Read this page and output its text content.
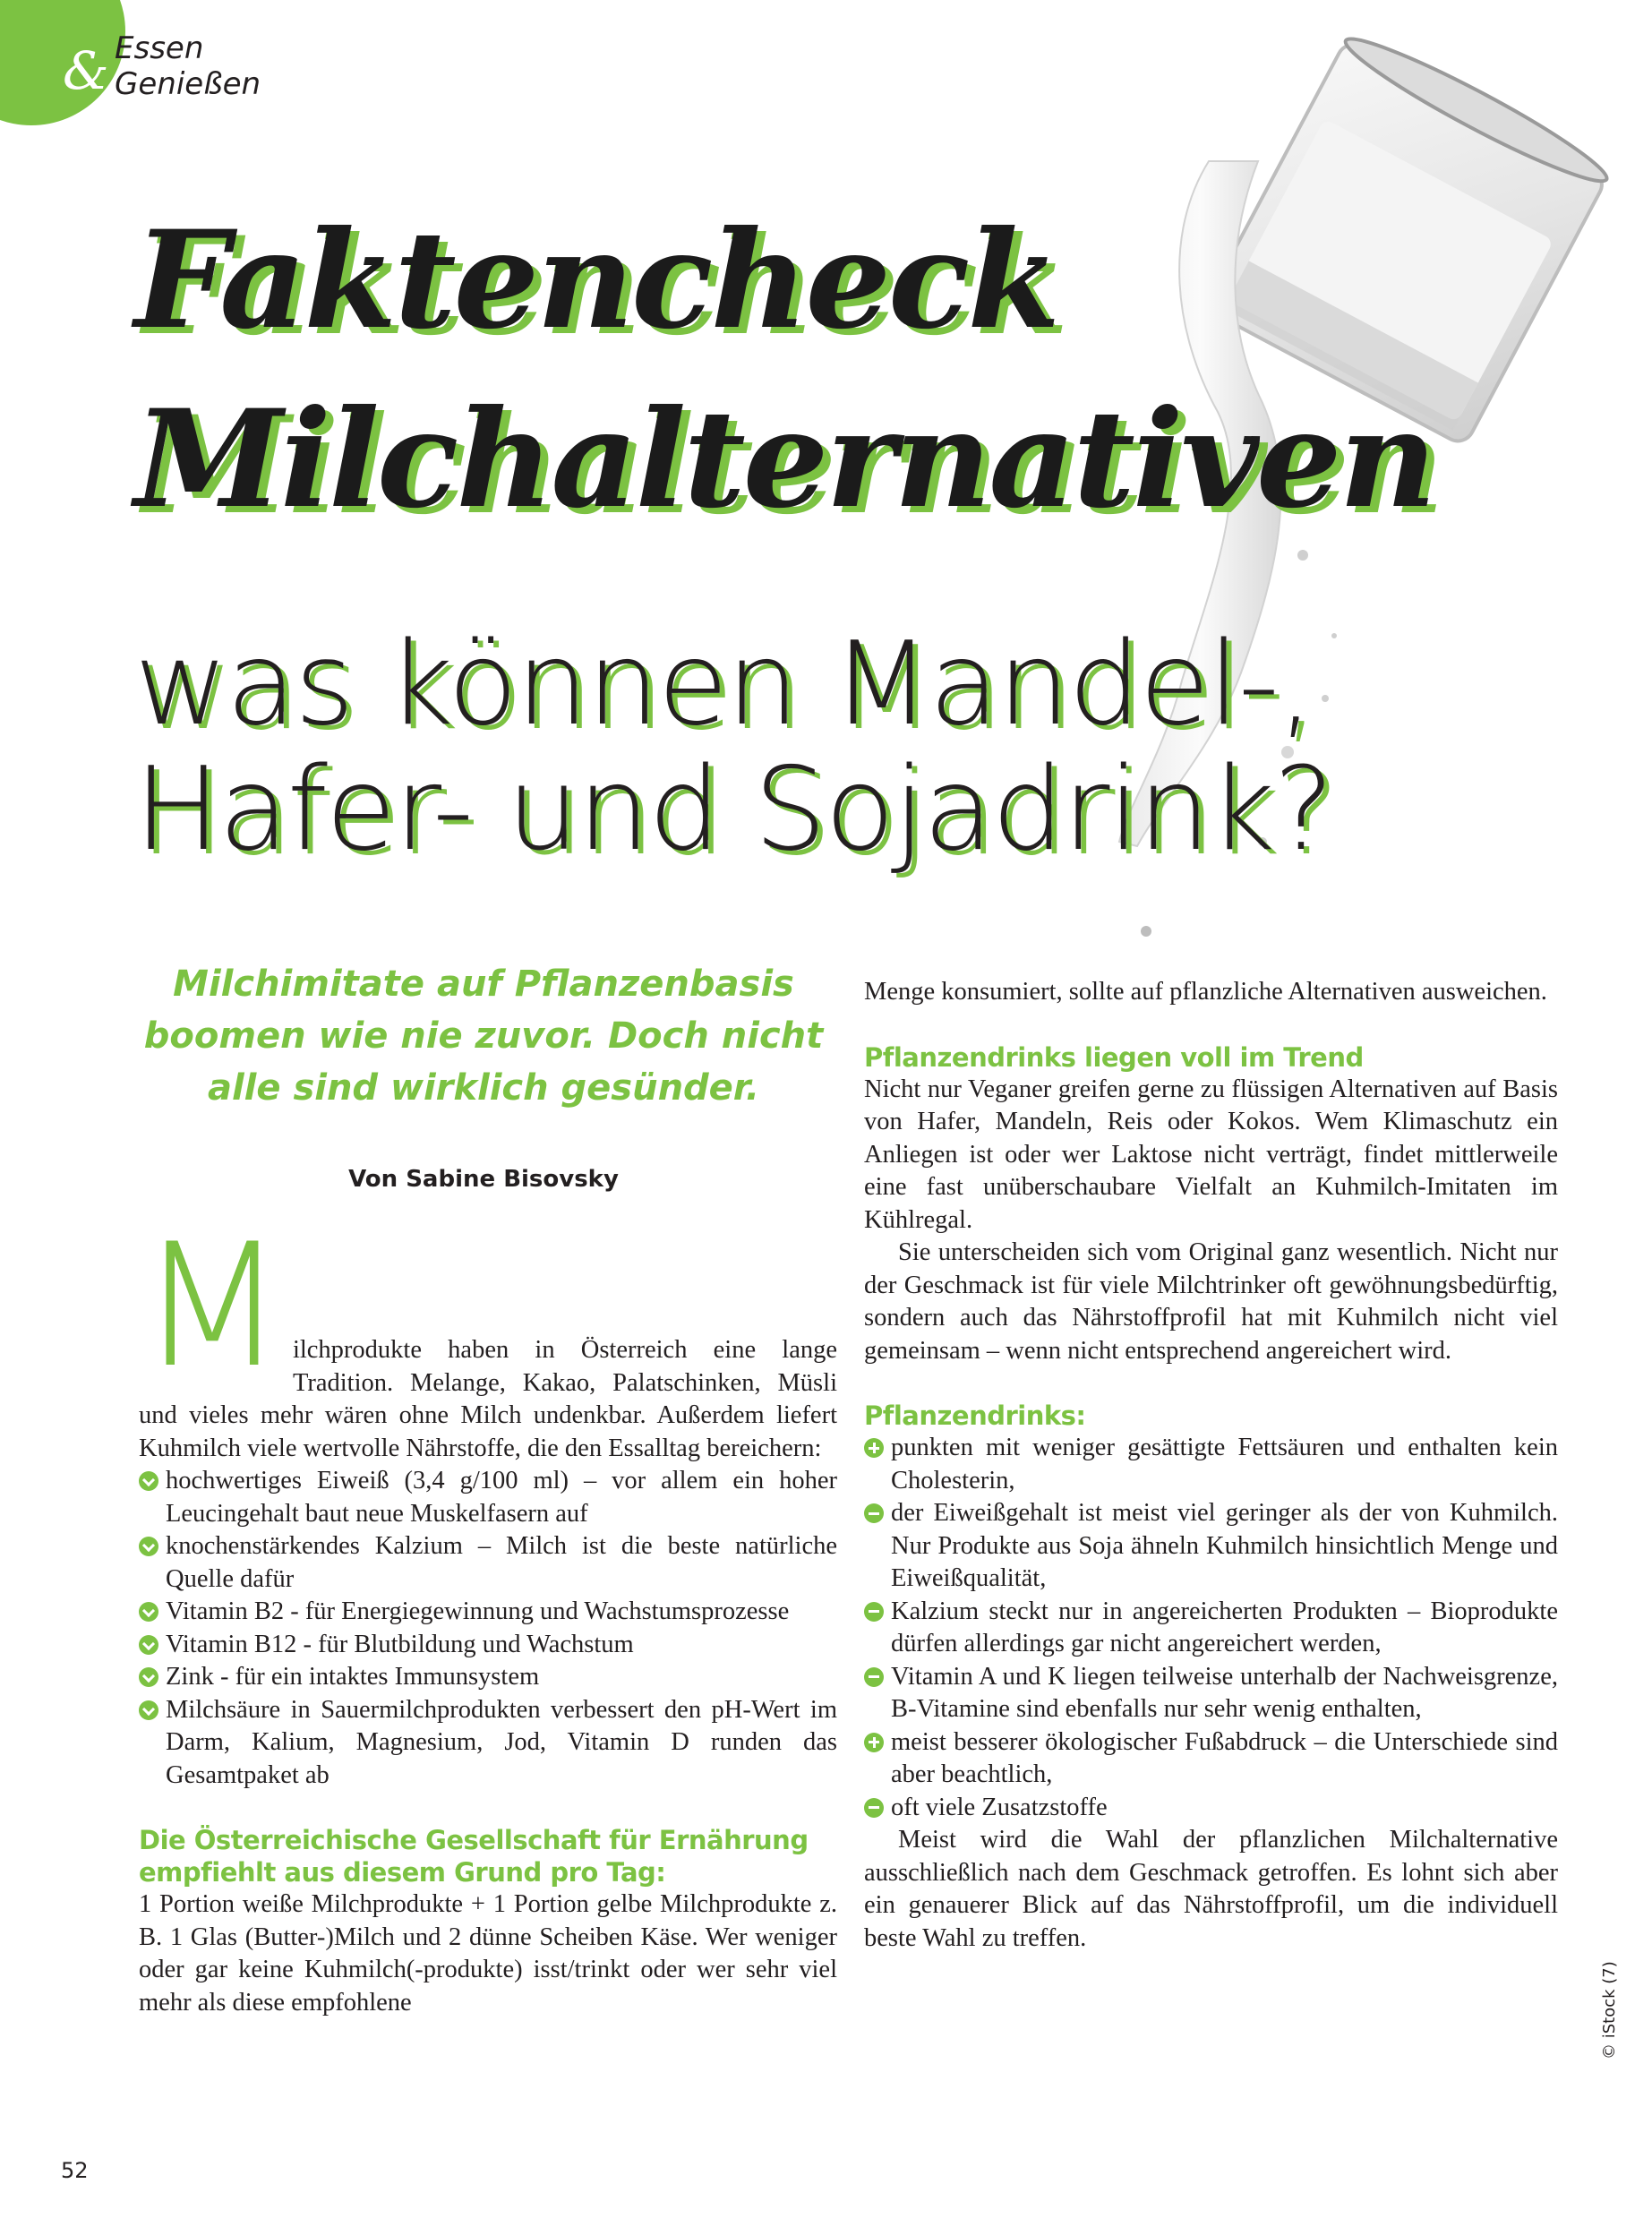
& Essen
Genießen
Faktencheck
Milchalternativen
was können Mandel-,
Hafer- und Sojadrink?
Milchimitate auf Pflanzenbasis boomen wie nie zuvor. Doch nicht alle sind wirklich gesünder.
Von Sabine Bisovsky
M ilchprodukte haben in Österreich eine lange Tradition. Melange, Kakao, Palatschinken, Müsli und vieles mehr wären ohne Milch undenkbar. Außerdem liefert Kuhmilch viele wertvolle Nährstoffe, die den Essalltag bereichern:
hochwertiges Eiweiß (3,4 g/100 ml) – vor allem ein hoher Leucingehalt baut neue Muskelfasern auf
knochenstärkendes Kalzium – Milch ist die beste natürliche Quelle dafür
Vitamin B2 - für Energiegewinnung und Wachstumsprozesse
Vitamin B12 - für Blutbildung und Wachstum
Zink - für ein intaktes Immunsystem
Milchsäure in Sauermilchprodukten verbessert den pH-Wert im Darm, Kalium, Magnesium, Jod, Vitamin D runden das Gesamtpaket ab
Die Österreichische Gesellschaft für Ernährung empfiehlt aus diesem Grund pro Tag:
1 Portion weiße Milchprodukte + 1 Portion gelbe Milchprodukte z. B. 1 Glas (Butter-)Milch und 2 dünne Scheiben Käse. Wer weniger oder gar keine Kuhmilch(-produkte) isst/trinkt oder wer sehr viel mehr als diese empfohlene
Menge konsumiert, sollte auf pflanzliche Alternativen ausweichen.
Pflanzendrinks liegen voll im Trend
Nicht nur Veganer greifen gerne zu flüssigen Alternativen auf Basis von Hafer, Mandeln, Reis oder Kokos. Wem Klimaschutz ein Anliegen ist oder wer Laktose nicht verträgt, findet mittlerweile eine fast unüberschaubare Vielfalt an Kuhmilch-Imitaten im Kühlregal.
Sie unterscheiden sich vom Original ganz wesentlich. Nicht nur der Geschmack ist für viele Milchtrinker oft gewöhnungsbedürftig, sondern auch das Nährstoffprofil hat mit Kuhmilch nicht viel gemeinsam – wenn nicht entsprechend angereichert wird.
Pflanzendrinks:
punkten mit weniger gesättigte Fettsäuren und enthalten kein Cholesterin,
der Eiweißgehalt ist meist viel geringer als der von Kuhmilch. Nur Produkte aus Soja ähneln Kuhmilch hinsichtlich Menge und Eiweißqualität,
Kalzium steckt nur in angereicherten Produkten – Bioprodukte dürfen allerdings gar nicht angereichert werden,
Vitamin A und K liegen teilweise unterhalb der Nachweisgrenze, B-Vitamine sind ebenfalls nur sehr wenig enthalten,
meist besserer ökologischer Fußabdruck – die Unterschiede sind aber beachtlich,
oft viele Zusatzstoffe
Meist wird die Wahl der pflanzlichen Milchalternative ausschließlich nach dem Geschmack getroffen. Es lohnt sich aber ein genauerer Blick auf das Nährstoffprofil, um die individuell beste Wahl zu treffen.
52
© iStock (7)
